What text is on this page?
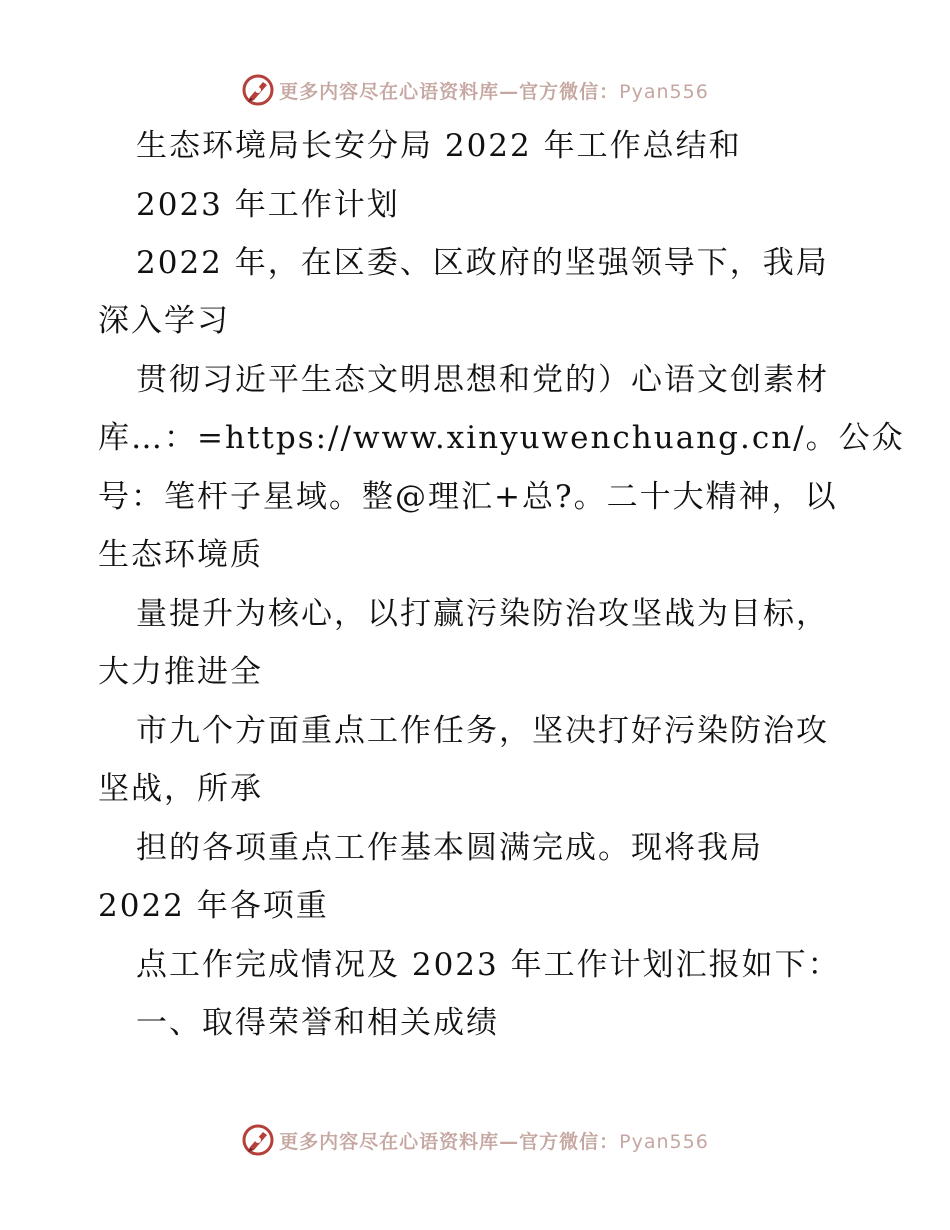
更多内容尽在心语资料库—官方微信：Pyan556
生态环境局长安分局 2022 年工作总结和
2023 年工作计划
2022 年，在区委、区政府的坚强领导下，我局
深入学习
贯彻习近平生态文明思想和党的）心语文创素材
库…：=https://www.xinyuwenchuang.cn/。公众
号：笔杆子星域。整@理汇+总?。二十大精神，以
生态环境质
量提升为核心，以打赢污染防治攻坚战为目标，
大力推进全
市九个方面重点工作任务，坚决打好污染防治攻
坚战，所承
担的各项重点工作基本圆满完成。现将我局
2022 年各项重
点工作完成情况及 2023 年工作计划汇报如下：
一、取得荣誉和相关成绩
更多内容尽在心语资料库—官方微信：Pyan556
